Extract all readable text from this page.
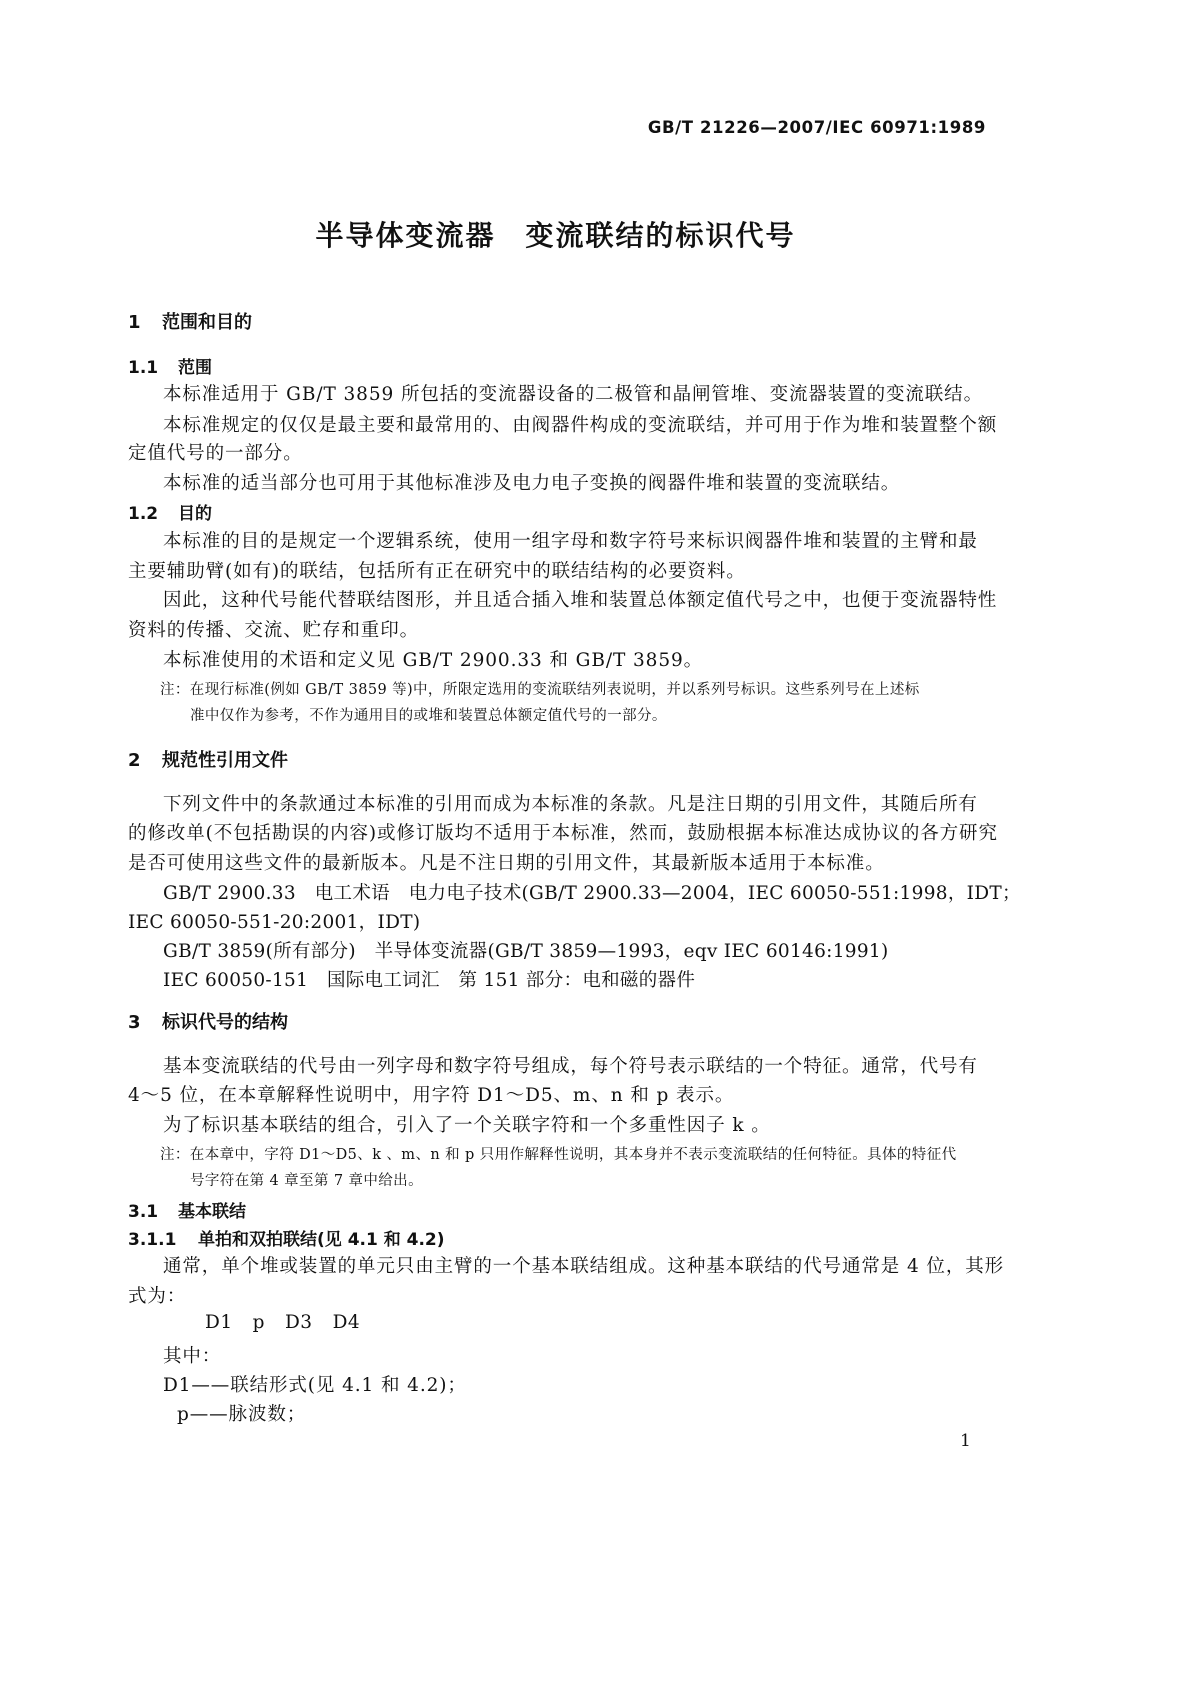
GB/T 21226—2007/IEC 60971:1989

半导体变流器　变流联结的标识代号

1 范围和目的

1.1 范围

本标准适用于 GB/T 3859 所包括的变流器设备的二极管和晶闸管堆、变流器装置的变流联结。

本标准规定的仅仅是最主要和最常用的、由阀器件构成的变流联结，并可用于作为堆和装置整个额

定值代号的一部分。

本标准的适当部分也可用于其他标准涉及电力电子变换的阀器件堆和装置的变流联结。

1.2 目的

本标准的目的是规定一个逻辑系统，使用一组字母和数字符号来标识阀器件堆和装置的主臂和最

主要辅助臂(如有)的联结，包括所有正在研究中的联结结构的必要资料。

因此，这种代号能代替联结图形，并且适合插入堆和装置总体额定值代号之中，也便于变流器特性

资料的传播、交流、贮存和重印。

本标准使用的术语和定义见 GB/T 2900.33 和 GB/T 3859。

注：在现行标准(例如 GB/T 3859 等)中，所限定选用的变流联结列表说明，并以系列号标识。这些系列号在上述标

准中仅作为参考，不作为通用目的或堆和装置总体额定值代号的一部分。

2 规范性引用文件

下列文件中的条款通过本标准的引用而成为本标准的条款。凡是注日期的引用文件，其随后所有

的修改单(不包括勘误的内容)或修订版均不适用于本标准，然而，鼓励根据本标准达成协议的各方研究

是否可使用这些文件的最新版本。凡是不注日期的引用文件，其最新版本适用于本标准。

GB/T 2900.33　电工术语　电力电子技术(GB/T 2900.33—2004，IEC 60050-551:1998，IDT；

IEC 60050-551-20:2001，IDT)

GB/T 3859(所有部分)　半导体变流器(GB/T 3859—1993，eqv IEC 60146:1991)

IEC 60050-151　国际电工词汇　第 151 部分：电和磁的器件

3 标识代号的结构

基本变流联结的代号由一列字母和数字符号组成，每个符号表示联结的一个特征。通常，代号有

4～5 位，在本章解释性说明中，用字符 D1～D5、m、n 和 p 表示。

为了标识基本联结的组合，引入了一个关联字符和一个多重性因子 k 。

注：在本章中，字符 D1～D5、k 、m、n 和 p 只用作解释性说明，其本身并不表示变流联结的任何特征。具体的特征代

号字符在第 4 章至第 7 章中给出。

3.1 基本联结

3.1.1 单拍和双拍联结(见 4.1 和 4.2)

通常，单个堆或装置的单元只由主臂的一个基本联结组成。这种基本联结的代号通常是 4 位，其形

式为：

D1 p D3 D4

其中：

D1——联结形式(见 4.1 和 4.2)；

p——脉波数；

1
